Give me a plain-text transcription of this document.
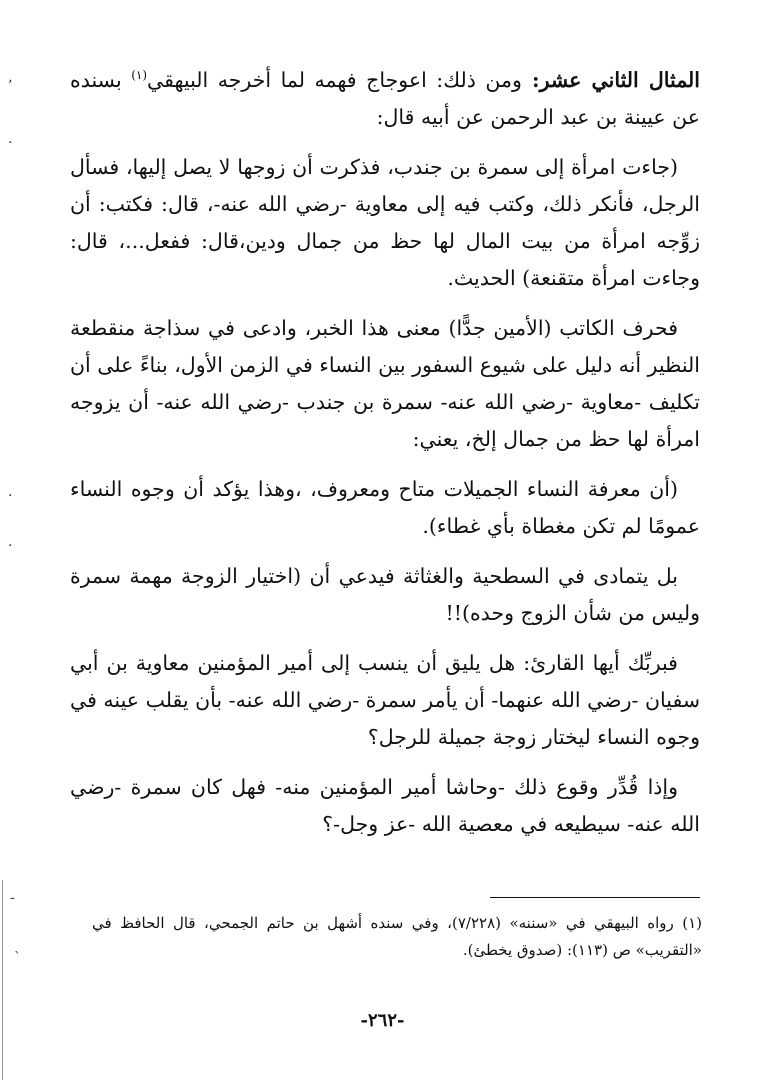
المثال الثاني عشر: ومن ذلك: اعوجاج فهمه لما أخرجه البيهقي$^{(١)}$ بسنده عن عيينة بن عبد الرحمن عن أبيه قال:

(جاءت امرأة إلى سمرة بن جندب، فذكرت أن زوجها لا يصل إليها، فسأل الرجل، فأنكر ذلك، وكتب فيه إلى معاوية -رضي الله عنه-، قال: فكتب: أن زوِّجه امرأة من بيت المال لها حظ من جمال ودين،قال: ففعل...، قال: وجاءت امرأة متقنعة) الحديث.

فحرف الكاتب (الأمين جدًّا) معنى هذا الخبر، وادعى في سذاجة منقطعة النظير أنه دليل على شيوع السفور بين النساء في الزمن الأول، بناءً على أن تكليف -معاوية -رضي الله عنه- سمرة بن جندب -رضي الله عنه- أن يزوجه امرأة لها حظ من جمال إلخ، يعني:

(أن معرفة النساء الجميلات متاح ومعروف، ،وهذا يؤكد أن وجوه النساء عمومًا لم تكن مغطاة بأي غطاء).

بل يتمادى في السطحية والغثاثة فيدعي أن (اختيار الزوجة مهمة سمرة وليس من شأن الزوج وحده)!!

فبربِّك أيها القارئ: هل يليق أن ينسب إلى أمير المؤمنين معاوية بن أبي سفيان -رضي الله عنهما- أن يأمر سمرة -رضي الله عنه- بأن يقلب عينه في وجوه النساء ليختار زوجة جميلة للرجل؟

وإذا قُدِّر وقوع ذلك -وحاشا أمير المؤمنين منه- فهل كان سمرة -رضي الله عنه- سيطيعه في معصية الله -عز وجل-؟

(١) رواه البيهقي في «سننه» (٧/٢٢٨)، وفي سنده أشهل بن حاتم الجمحي، قال الحافظ في «التقريب» ص (١١٣): (صدوق يخطئ).
-٢٦٢-
٬
·
·
·
-
`
